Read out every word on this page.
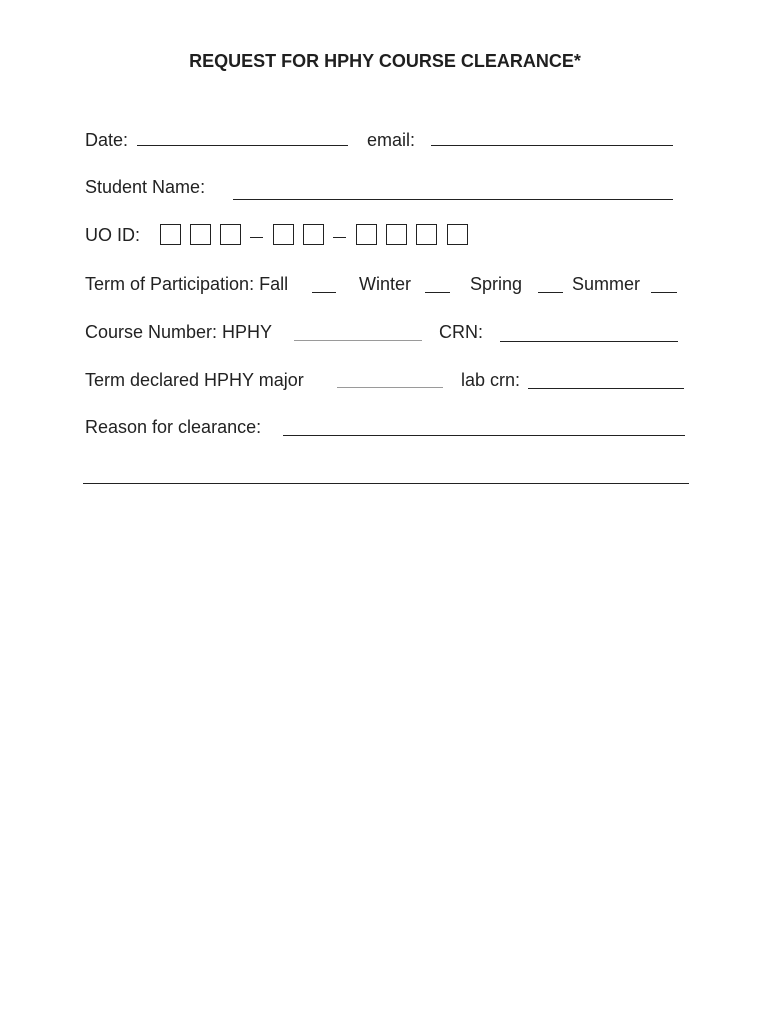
REQUEST FOR HPHY COURSE CLEARANCE*
Date:	email:
Student Name:
UO ID:
Term of Participation: Fall	Winter	Spring	Summer
Course Number: HPHY	CRN:
Term declared HPHY major	lab crn:
Reason for clearance:
